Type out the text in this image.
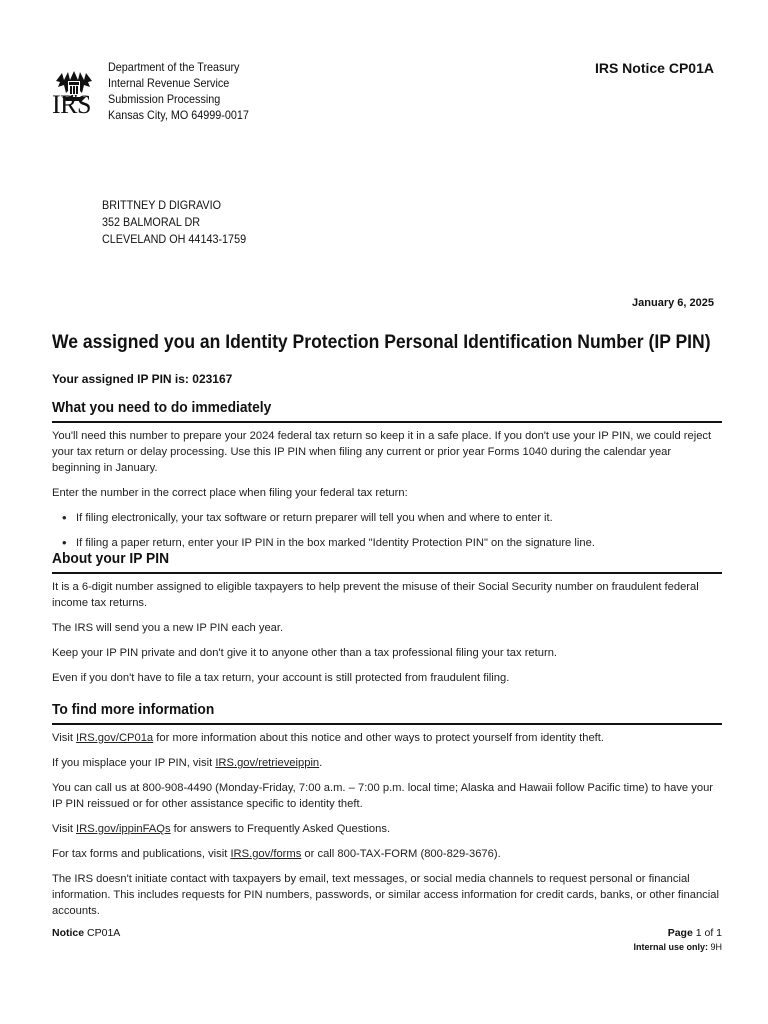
IRS
Department of the Treasury
Internal Revenue Service
Submission Processing
Kansas City, MO 64999-0017
IRS Notice CP01A
BRITTNEY D DIGRAVIO
352 BALMORAL DR
CLEVELAND OH 44143-1759
January 6, 2025
We assigned you an Identity Protection Personal Identification Number (IP PIN)
Your assigned IP PIN is: 023167
What you need to do immediately

You'll need this number to prepare your 2024 federal tax return so keep it in a safe place. If you don't use your IP PIN, we could reject your tax return or delay processing. Use this IP PIN when filing any current or prior year Forms 1040 during the calendar year beginning in January.

Enter the number in the correct place when filing your federal tax return:

• If filing electronically, your tax software or return preparer will tell you when and where to enter it.
• If filing a paper return, enter your IP PIN in the box marked "Identity Protection PIN" on the signature line.
About your IP PIN

It is a 6-digit number assigned to eligible taxpayers to help prevent the misuse of their Social Security number on fraudulent federal income tax returns.

The IRS will send you a new IP PIN each year.

Keep your IP PIN private and don't give it to anyone other than a tax professional filing your tax return.

Even if you don't have to file a tax return, your account is still protected from fraudulent filing.

To find more information

Visit IRS.gov/CP01a for more information about this notice and other ways to protect yourself from identity theft.

If you misplace your IP PIN, visit IRS.gov/retrieveippin.

You can call us at 800-908-4490 (Monday-Friday, 7:00 a.m. – 7:00 p.m. local time; Alaska and Hawaii follow Pacific time) to have your IP PIN reissued or for other assistance specific to identity theft.

Visit IRS.gov/ippinFAQs for answers to Frequently Asked Questions.

For tax forms and publications, visit IRS.gov/forms or call 800-TAX-FORM (800-829-3676).

The IRS doesn't initiate contact with taxpayers by email, text messages, or social media channels to request personal or financial information. This includes requests for PIN numbers, passwords, or similar access information for credit cards, banks, or other financial accounts.

Notice CP01A	Page 1 of 1
Internal use only: 9H
